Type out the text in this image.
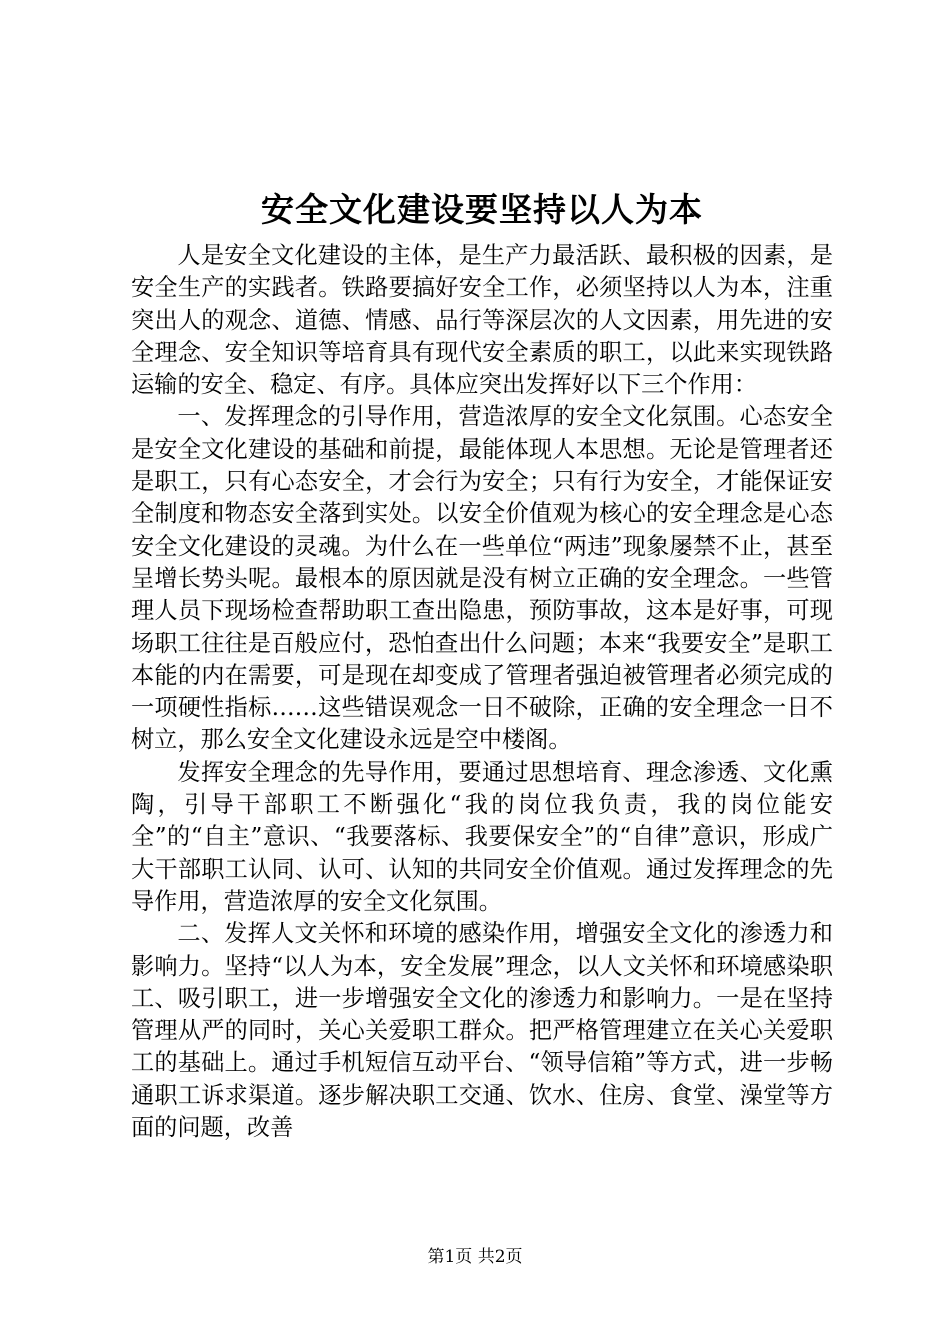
安全文化建设要坚持以人为本

人是安全文化建设的主体，是生产力最活跃、最积极的因素，是安全生产的实践者。铁路要搞好安全工作，必须坚持以人为本，注重突出人的观念、道德、情感、品行等深层次的人文因素，用先进的安全理念、安全知识等培育具有现代安全素质的职工，以此来实现铁路运输的安全、稳定、有序。具体应突出发挥好以下三个作用：

一、发挥理念的引导作用，营造浓厚的安全文化氛围。心态安全是安全文化建设的基础和前提，最能体现人本思想。无论是管理者还是职工，只有心态安全，才会行为安全；只有行为安全，才能保证安全制度和物态安全落到实处。以安全价值观为核心的安全理念是心态安全文化建设的灵魂。为什么在一些单位“两违”现象屡禁不止，甚至呈增长势头呢。最根本的原因就是没有树立正确的安全理念。一些管理人员下现场检查帮助职工查出隐患，预防事故，这本是好事，可现场职工往往是百般应付，恐怕查出什么问题；本来“我要安全”是职工本能的内在需要，可是现在却变成了管理者强迫被管理者必须完成的一项硬性指标……这些错误观念一日不破除，正确的安全理念一日不树立，那么安全文化建设永远是空中楼阁。

发挥安全理念的先导作用，要通过思想培育、理念渗透、文化熏陶，引导干部职工不断强化“我的岗位我负责，我的岗位能安全”的“自主”意识、“我要落标、我要保安全”的“自律”意识，形成广大干部职工认同、认可、认知的共同安全价值观。通过发挥理念的先导作用，营造浓厚的安全文化氛围。

二、发挥人文关怀和环境的感染作用，增强安全文化的渗透力和影响力。坚持“以人为本，安全发展”理念，以人文关怀和环境感染职工、吸引职工，进一步增强安全文化的渗透力和影响力。一是在坚持管理从严的同时，关心关爱职工群众。把严格管理建立在关心关爱职工的基础上。通过手机短信互动平台、“领导信箱”等方式，进一步畅通职工诉求渠道。逐步解决职工交通、饮水、住房、食堂、澡堂等方面的问题，改善

第1页 共2页
